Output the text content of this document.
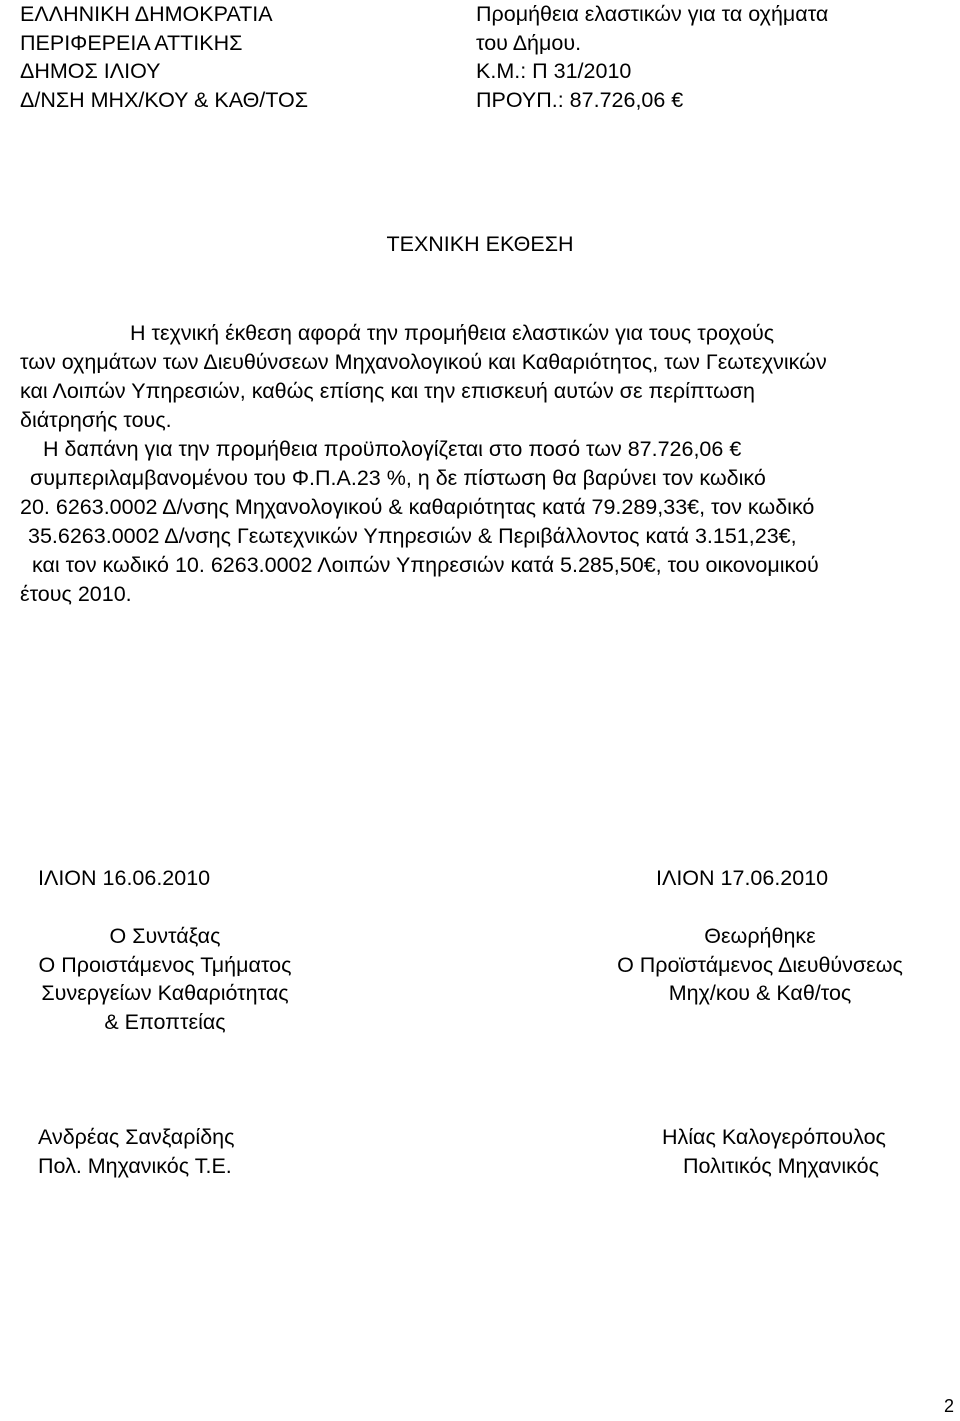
ΕΛΛΗΝΙΚΗ ΔΗΜΟΚΡΑΤΙΑ
ΠΕΡΙΦΕΡΕΙΑ ΑΤΤΙΚΗΣ
ΔΗΜΟΣ ΙΛΙΟΥ
Δ/ΝΣΗ ΜΗΧ/ΚΟΥ & ΚΑΘ/ΤΟΣ
Προμήθεια ελαστικών για τα οχήματα
του Δήμου.
Κ.Μ.: Π 31/2010
ΠΡΟΥΠ.: 87.726,06 €
ΤΕΧΝΙΚΗ ΕΚΘΕΣΗ
Η τεχνική έκθεση αφορά την προμήθεια ελαστικών για τους τροχούς
των οχημάτων των Διευθύνσεων Μηχανολογικού και Καθαριότητος, των Γεωτεχνικών
και Λοιπών Υπηρεσιών, καθώς επίσης και την επισκευή αυτών σε περίπτωση
διάτρησής τους.
Η δαπάνη για την προμήθεια προϋπολογίζεται στο ποσό των 87.726,06 €
συμπεριλαμβανομένου του Φ.Π.Α.23 %, η δε πίστωση θα βαρύνει τον κωδικό
20. 6263.0002 Δ/νσης Μηχανολογικού & καθαριότητας κατά 79.289,33€, τον κωδικό
35.6263.0002 Δ/νσης Γεωτεχνικών Υπηρεσιών & Περιβάλλοντος κατά 3.151,23€,
και τον κωδικό 10. 6263.0002 Λοιπών Υπηρεσιών κατά 5.285,50€, του οικονομικού
έτους 2010.
ΙΛΙΟΝ 16.06.2010
Ο Συντάξας
Ο Προιστάμενος Τμήματος
Συνεργείων Καθαριότητας
& Εποπτείας
Ανδρέας Σανξαρίδης
Πολ. Μηχανικός Τ.Ε.
ΙΛΙΟΝ 17.06.2010
Θεωρήθηκε
Ο Προϊστάμενος Διευθύνσεως
Μηχ/κου & Καθ/τος
Ηλίας Καλογερόπουλος
Πολιτικός Μηχανικός
2
